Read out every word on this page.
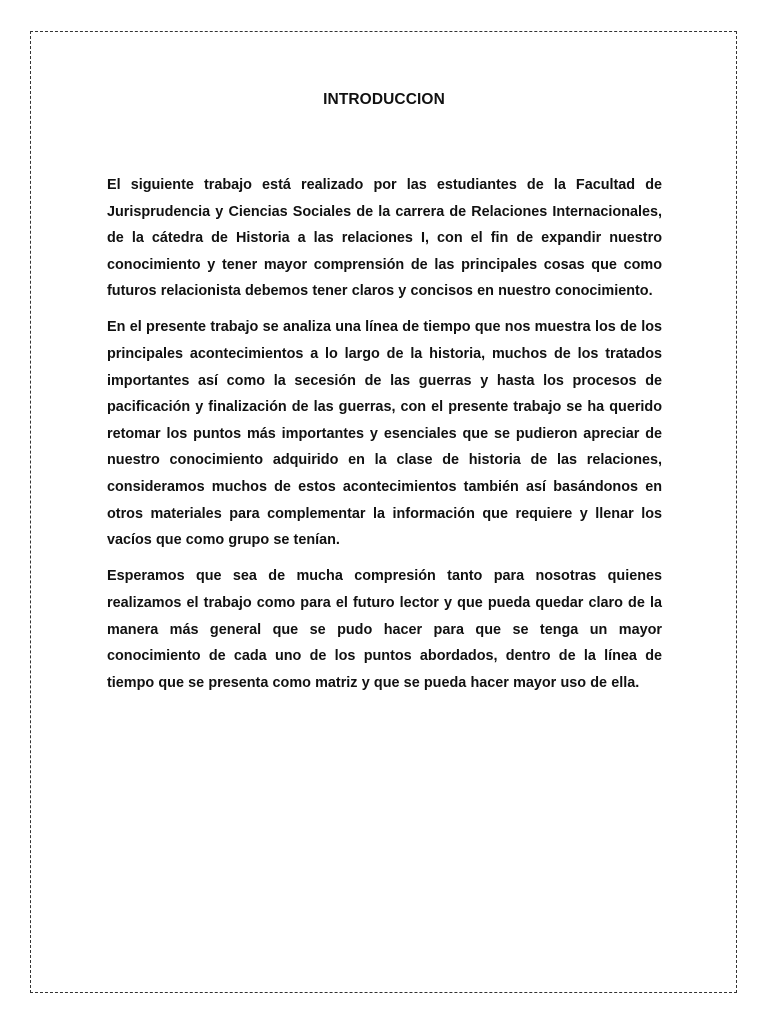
INTRODUCCION

El siguiente trabajo está realizado por las estudiantes de la Facultad de Jurisprudencia y Ciencias Sociales de la carrera de Relaciones Internacionales, de la cátedra de Historia a las relaciones I, con el fin de expandir nuestro conocimiento y tener mayor comprensión de las principales cosas que como futuros relacionista debemos tener claros y concisos en nuestro conocimiento.

En el presente trabajo se analiza una línea de tiempo que nos muestra los de los principales acontecimientos a lo largo de la historia, muchos de los tratados importantes así como la secesión de las guerras y hasta los procesos de pacificación y finalización de las guerras, con el presente trabajo se ha querido retomar los puntos más importantes y esenciales que se pudieron apreciar de nuestro conocimiento adquirido en la clase de historia de las relaciones, consideramos muchos de estos acontecimientos también así basándonos en otros materiales para complementar la información que requiere y llenar los vacíos que como grupo se tenían.

Esperamos que sea de mucha compresión tanto para nosotras quienes realizamos el trabajo como para el futuro lector y que pueda quedar claro de la manera más general que se pudo hacer para que se tenga un mayor conocimiento de cada uno de los puntos abordados, dentro de la línea de tiempo que se presenta como matriz y que se pueda hacer mayor uso de ella.
